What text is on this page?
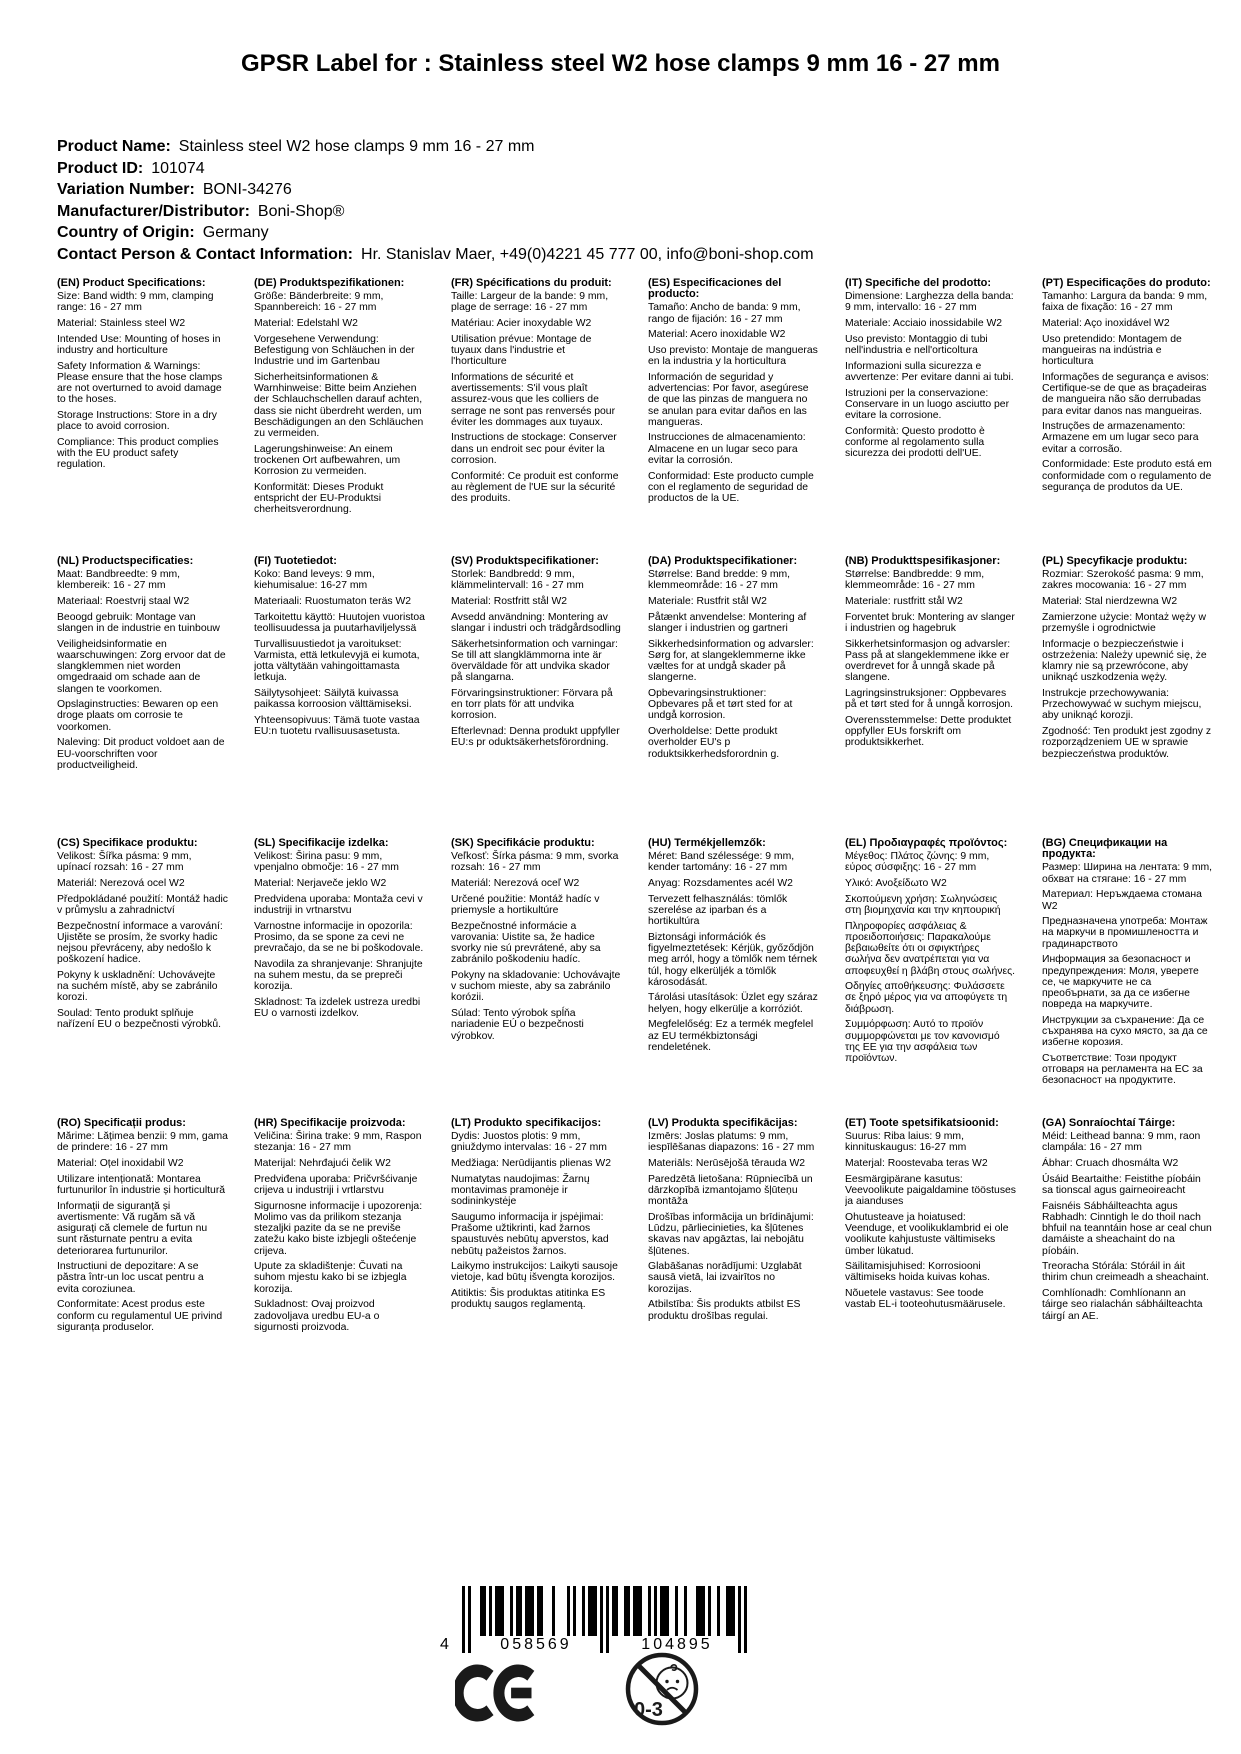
GPSR Label for : Stainless steel W2 hose clamps 9 mm 16 - 27 mm
Product Name: Stainless steel W2 hose clamps 9 mm 16 - 27 mm
Product ID: 101074
Variation Number: BONI-34276
Manufacturer/Distributor: Boni-Shop®
Country of Origin: Germany
Contact Person & Contact Information: Hr. Stanislav Maer, +49(0)4221 45 777 00, info@boni-shop.com
(EN) Product Specifications:

Size: Band width: 9 mm, clamping range: 16 - 27 mm

Material: Stainless steel W2

Intended Use: Mounting of hoses in industry and horticulture

Safety Information & Warnings: Please ensure that the hose clamps are not overturned to avoid damage to the hoses.

Storage Instructions: Store in a dry place to avoid corrosion.

Compliance: This product complies with the EU product safety regulation.

(DE) Produktspezifikationen:

Größe: Bänderbreite: 9 mm, Spannbereich: 16 - 27 mm

Material: Edelstahl W2

Vorgesehene Verwendung: Befestigung von Schläuchen in der Industrie und im Gartenbau

Sicherheitsinformationen & Warnhinweise: Bitte beim Anziehen der Schlauchschellen darauf achten, dass sie nicht überdreht werden, um Beschädigungen an den Schläuchen zu vermeiden.

Lagerungshinweise: An einem trockenen Ort aufbewahren, um Korrosion zu vermeiden.

Konformität: Dieses Produkt entspricht der EU-Produktsi cherheitsverordnung.

(FR) Spécifications du produit:

Taille: Largeur de la bande: 9 mm, plage de serrage: 16 - 27 mm

Matériau: Acier inoxydable W2

Utilisation prévue: Montage de tuyaux dans l'industrie et l'horticulture

Informations de sécurité et avertissements: S'il vous plaît assurez-vous que les colliers de serrage ne sont pas renversés pour éviter les dommages aux tuyaux.

Instructions de stockage: Conserver dans un endroit sec pour éviter la corrosion.

Conformité: Ce produit est conforme au règlement de l'UE sur la sécurité des produits.

(ES) Especificaciones del producto:

Tamaño: Ancho de banda: 9 mm, rango de fijación: 16 - 27 mm

Material: Acero inoxidable W2

Uso previsto: Montaje de mangueras en la industria y la horticultura

Información de seguridad y advertencias: Por favor, asegúrese de que las pinzas de manguera no se anulan para evitar daños en las mangueras.

Instrucciones de almacenamiento: Almacene en un lugar seco para evitar la corrosión.

Conformidad: Este producto cumple con el reglamento de seguridad de productos de la UE.

(IT) Specifiche del prodotto:

Dimensione: Larghezza della banda: 9 mm, intervallo: 16 - 27 mm

Materiale: Acciaio inossidabile W2

Uso previsto: Montaggio di tubi nell'industria e nell'orticoltura

Informazioni sulla sicurezza e avvertenze: Per evitare danni ai tubi.

Istruzioni per la conservazione: Conservare in un luogo asciutto per evitare la corrosione.

Conformità: Questo prodotto è conforme al regolamento sulla sicurezza dei prodotti dell'UE.

(PT) Especificações do produto:

Tamanho: Largura da banda: 9 mm, faixa de fixação: 16 - 27 mm

Material: Aço inoxidável W2

Uso pretendido: Montagem de mangueiras na indústria e horticultura

Informações de segurança e avisos: Certifique-se de que as braçadeiras de mangueira não são derrubadas para evitar danos nas mangueiras.

Instruções de armazenamento: Armazene em um lugar seco para evitar a corrosão.

Conformidade: Este produto está em conformidade com o regulamento de segurança de produtos da UE.

(NL) Productspecificaties:

Maat: Bandbreedte: 9 mm, klembereik: 16 - 27 mm

Materiaal: Roestvrij staal W2

Beoogd gebruik: Montage van slangen in de industrie en tuinbouw

Veiligheidsinformatie en waarschuwingen: Zorg ervoor dat de slangklemmen niet worden omgedraaid om schade aan de slangen te voorkomen.

Opslaginstructies: Bewaren op een droge plaats om corrosie te voorkomen.

Naleving: Dit product voldoet aan de EU-voorschriften voor productveiligheid.

(FI) Tuotetiedot:

Koko: Band leveys: 9 mm, kiehumisalue: 16-27 mm

Materiaali: Ruostumaton teräs W2

Tarkoitettu käyttö: Huutojen vuoristoa teollisuudessa ja puutarhaviljelyssä

Turvallisuustiedot ja varoitukset: Varmista, että letkulevyjä ei kumota, jotta vältytään vahingoittamasta letkuja.

Säilytysohjeet: Säilytä kuivassa paikassa korroosion välttämiseksi.

Yhteensopivuus: Tämä tuote vastaa EU:n tuotetu rvallisuusasetusta.

(SV) Produktspecifikationer:

Storlek: Bandbredd: 9 mm, klämmelintervall: 16 - 27 mm

Material: Rostfritt stål W2

Avsedd användning: Montering av slangar i industri och trädgårdsodling

Säkerhetsinformation och varningar: Se till att slangklämmorna inte är överväldade för att undvika skador på slangarna.

Förvaringsinstruktioner: Förvara på en torr plats för att undvika korrosion.

Efterlevnad: Denna produkt uppfyller EU:s pr oduktsäkerhetsförordning.

(DA) Produktspecifikationer:

Størrelse: Band bredde: 9 mm, klemmeområde: 16 - 27 mm

Materiale: Rustfrit stål W2

Påtænkt anvendelse: Montering af slanger i industrien og gartneri

Sikkerhedsinformation og advarsler: Sørg for, at slangeklemmerne ikke væltes for at undgå skader på slangerne.

Opbevaringsinstruktioner: Opbevares på et tørt sted for at undgå korrosion.

Overholdelse: Dette produkt overholder EU's p roduktsikkerhedsforordnin g.

(NB) Produkttspesifikasjoner:

Størrelse: Bandbredde: 9 mm, klemmeområde: 16 - 27 mm

Materiale: rustfritt stål W2

Forventet bruk: Montering av slanger i industrien og hagebruk

Sikkerhetsinformasjon og advarsler: Pass på at slangeklemmene ikke er overdrevet for å unngå skade på slangene.

Lagringsinstruksjoner: Oppbevares på et tørt sted for å unngå korrosjon.

Overensstemmelse: Dette produktet oppfyller EUs forskrift om produktsikkerhet.

(PL) Specyfikacje produktu:

Rozmiar: Szerokość pasma: 9 mm, zakres mocowania: 16 - 27 mm

Materiał: Stal nierdzewna W2

Zamierzone użycie: Montaż węży w przemyśle i ogrodnictwie

Informacje o bezpieczeństwie i ostrzeżenia: Należy upewnić się, że klamry nie są przewrócone, aby uniknąć uszkodzenia węży.

Instrukcje przechowywania: Przechowywać w suchym miejscu, aby uniknąć korozji.

Zgodność: Ten produkt jest zgodny z rozporządzeniem UE w sprawie bezpieczeństwa produktów.

(CS) Specifikace produktu:

Velikost: Šířka pásma: 9 mm, upínací rozsah: 16 - 27 mm

Materiál: Nerezová ocel W2

Předpokládané použití: Montáž hadic v průmyslu a zahradnictví

Bezpečnostní informace a varování: Ujistěte se prosím, že svorky hadic nejsou převráceny, aby nedošlo k poškození hadice.

Pokyny k uskladnění: Uchovávejte na suchém místě, aby se zabránilo korozi.

Soulad: Tento produkt splňuje nařízení EU o bezpečnosti výrobků.

(SL) Specifikacije izdelka:

Velikost: Širina pasu: 9 mm, vpenjalno območje: 16 - 27 mm

Material: Nerjaveče jeklo W2

Predvidena uporaba: Montaža cevi v industriji in vrtnarstvu

Varnostne informacije in opozorila: Prosimo, da se spone za cevi ne prevračajo, da se ne bi poškodovale.

Navodila za shranjevanje: Shranjujte na suhem mestu, da se prepreči korozija.

Skladnost: Ta izdelek ustreza uredbi EU o varnosti izdelkov.

(SK) Špecifikácie produktu:

Veľkosť: Šírka pásma: 9 mm, svorka rozsah: 16 - 27 mm

Materiál: Nerezová oceľ W2

Určené použitie: Montáž hadíc v priemysle a hortikultúre

Bezpečnostné informácie a varovania: Uistite sa, že hadice svorky nie sú prevrátené, aby sa zabránilo poškodeniu hadíc.

Pokyny na skladovanie: Uchovávajte v suchom mieste, aby sa zabránilo korózii.

Súlad: Tento výrobok spĺňa nariadenie EÚ o bezpečnosti výrobkov.

(HU) Termékjellemzők:

Méret: Band szélessége: 9 mm, kender tartomány: 16 - 27 mm

Anyag: Rozsdamentes acél W2

Tervezett felhasználás: tömlők szerelése az iparban és a hortikultúra

Biztonsági információk és figyelmeztetések: Kérjük, győződjön meg arról, hogy a tömlők nem térnek túl, hogy elkerüljék a tömlők károsodását.

Tárolási utasítások: Üzlet egy száraz helyen, hogy elkerülje a korróziót.

Megfelelőség: Ez a termék megfelel az EU termékbiztonsági rendeletének.

(EL) Προδιαγραφές προϊόντος:

Μέγεθος: Πλάτος ζώνης: 9 mm, εύρος σύσφιξης: 16 - 27 mm

Υλικό: Ανοξείδωτο W2

Σκοπούμενη χρήση: Σωληνώσεις στη βιομηχανία και την κηπουρική

Πληροφορίες ασφάλειας & προειδοποιήσεις: Παρακαλούμε βεβαιωθείτε ότι οι σφιγκτήρες σωλήνα δεν ανατρέπεται για να αποφευχθεί η βλάβη στους σωλήνες.

Οδηγίες αποθήκευσης: Φυλάσσετε σε ξηρό μέρος για να αποφύγετε τη διάβρωση.

Συμμόρφωση: Αυτό το προϊόν συμμορφώνεται με τον κανονισμό της ΕΕ για την ασφάλεια των προϊόντων.

(BG) Спецификации на продукта:

Размер: Ширина на лентата: 9 mm, обхват на стягане: 16 - 27 mm

Материал: Неръждаема стомана W2

Предназначена употреба: Монтаж на маркучи в промишлеността и градинарството

Информация за безопасност и предупреждения: Моля, уверете се, че маркучите не са преобърнати, за да се избегне повреда на маркучите.

Инструкции за съхранение: Да се съхранява на сухо място, за да се избегне корозия.

Съответствие: Този продукт отговаря на регламента на ЕС за безопасност на продуктите.

(RO) Specificații produs:

Mărime: Lățimea benzii: 9 mm, gama de prindere: 16 - 27 mm

Material: Oțel inoxidabil W2

Utilizare intenționată: Montarea furtunurilor în industrie și horticultură

Informații de siguranță și avertismente: Vă rugăm să vă asigurați că clemele de furtun nu sunt răsturnate pentru a evita deteriorarea furtunurilor.

Instructiuni de depozitare: A se păstra într-un loc uscat pentru a evita coroziunea.

Conformitate: Acest produs este conform cu regulamentul UE privind siguranța produselor.

(HR) Specifikacije proizvoda:

Veličina: Širina trake: 9 mm, Raspon stezanja: 16 - 27 mm

Materijal: Nehrđajući čelik W2

Predviđena uporaba: Pričvršćivanje crijeva u industriji i vrtlarstvu

Sigurnosne informacije i upozorenja: Molimo vas da prilikom stezanja stezaljki pazite da se ne previše zatežu kako biste izbjegli oštećenje crijeva.

Upute za skladištenje: Čuvati na suhom mjestu kako bi se izbjegla korozija.

Sukladnost: Ovaj proizvod zadovoljava uredbu EU-a o sigurnosti proizvoda.

(LT) Produkto specifikacijos:

Dydis: Juostos plotis: 9 mm, gniuždymo intervalas: 16 - 27 mm

Medžiaga: Nerūdijantis plienas W2

Numatytas naudojimas: Žarnų montavimas pramonėje ir sodininkystėje

Saugumo informacija ir įspėjimai: Prašome užtikrinti, kad žarnos spaustuvės nebūtų apverstos, kad nebūtų pažeistos žarnos.

Laikymo instrukcijos: Laikyti sausoje vietoje, kad būtų išvengta korozijos.

Atitiktis: Šis produktas atitinka ES produktų saugos reglamentą.

(LV) Produkta specifikācijas:

Izmērs: Joslas platums: 9 mm, iespīlēšanas diapazons: 16 - 27 mm

Materiāls: Nerūsējošā tērauda W2

Paredzētā lietošana: Rūpniecībā un dārzkopībā izmantojamo šļūteņu montāža

Drošības informācija un brīdinājumi: Lūdzu, pārliecinieties, ka šļūtenes skavas nav apgāztas, lai nebojātu šļūtenes.

Glabāšanas norādījumi: Uzglabāt sausā vietā, lai izvairītos no korozijas.

Atbilstība: Šis produkts atbilst ES produktu drošības regulai.

(ET) Toote spetsifikatsioonid:

Suurus: Riba laius: 9 mm, kinnituskaugus: 16-27 mm

Materjal: Roostevaba teras W2

Eesmärgipärane kasutus: Veevoolikute paigaldamine tööstuses ja aianduses

Ohutusteave ja hoiatused: Veenduge, et voolikuklambrid ei ole voolikute kahjustuste vältimiseks ümber lükatud.

Säilitamisjuhised: Korrosiooni vältimiseks hoida kuivas kohas.

Nõuetele vastavus: See toode vastab EL-i tooteohutusmäärusele.

(GA) Sonraíochtaí Táirge:

Méid: Leithead banna: 9 mm, raon clampála: 16 - 27 mm

Ábhar: Cruach dhosmálta W2

Úsáid Beartaithe: Feistithe píobáin sa tionscal agus gairneoireacht

Faisnéis Sábháilteachta agus Rabhadh: Cinntigh le do thoil nach bhfuil na teanntáin hose ar ceal chun damáiste a sheachaint do na píobáin.

Treoracha Stórála: Stóráil in áit thirim chun creimeadh a sheachaint.

Comhlíonadh: Comhlíonann an táirge seo rialachán sábháilteachta táirgí an AE.

4	058569	104895
0-3
